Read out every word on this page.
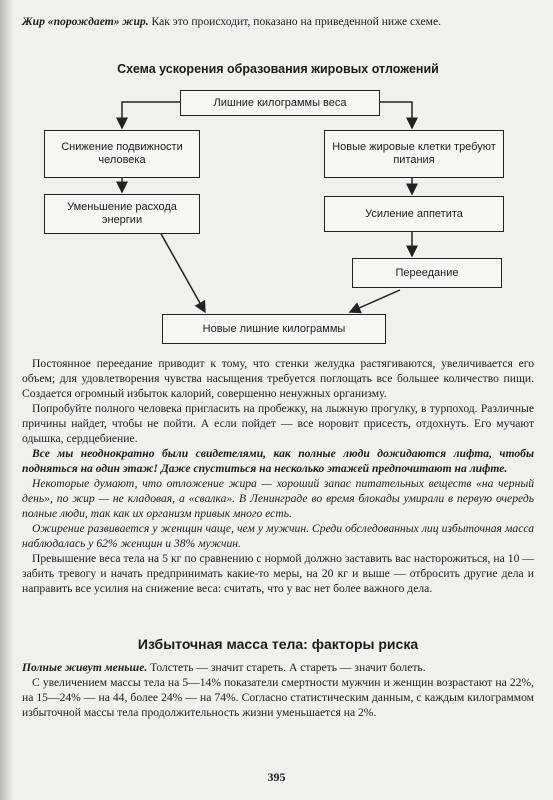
Жир «порождает» жир. Как это происходит, показано на приведенной ниже схеме.

Схема ускорения образования жировых отложений
Лишние килограммы веса
Снижение подвижности человека
Новые жировые клетки требуют питания
Уменьшение расхода энергии
Усиление аппетита
Переедание
Новые лишние килограммы

Постоянное переедание приводит к тому, что стенки желудка растягиваются, увеличивается его объем; для удовлетворения чувства насыщения требуется поглощать все большее количество пищи. Создается огромный избыток калорий, совершенно ненужных организму.

Попробуйте полного человека пригласить на пробежку, на лыжную прогулку, в турпоход. Различные причины найдет, чтобы не пойти. А если пойдет — все норовит присесть, отдохнуть. Его мучают одышка, сердцебиение.

Все мы неоднократно были свидетелями, как полные люди дожидаются лифта, чтобы подняться на один этаж! Даже спуститься на несколько этажей предпочитают на лифте.

Некоторые думают, что отложение жира — хороший запас питательных веществ «на черный день», по жир — не кладовая, а «свалка». В Ленинграде во время блокады умирали в первую очередь полные люди, так как их организм привык много есть.

Ожирение развивается у женщин чаще, чем у мужчин. Среди обследованных лиц избыточная масса наблюдалась у 62% женщин и 38% мужчин.

Превышение веса тела на 5 кг по сравнению с нормой должно заставить вас насторожиться, на 10 — забить тревогу и начать предпринимать какие-то меры, на 20 кг и выше — отбросить другие дела и направить все усилия на снижение веса: считать, что у вас нет более важного дела.

Избыточная масса тела: факторы риска

Полные живут меньше. Толстеть — значит стареть. А стареть — значит болеть.

С увеличением массы тела на 5—14% показатели смертности мужчин и женщин возрастают на 22%, на 15—24% — на 44, более 24% — на 74%. Согласно статистическим данным, с каждым килограммом избыточной массы тела продолжительность жизни уменьшается на 2%.

395
